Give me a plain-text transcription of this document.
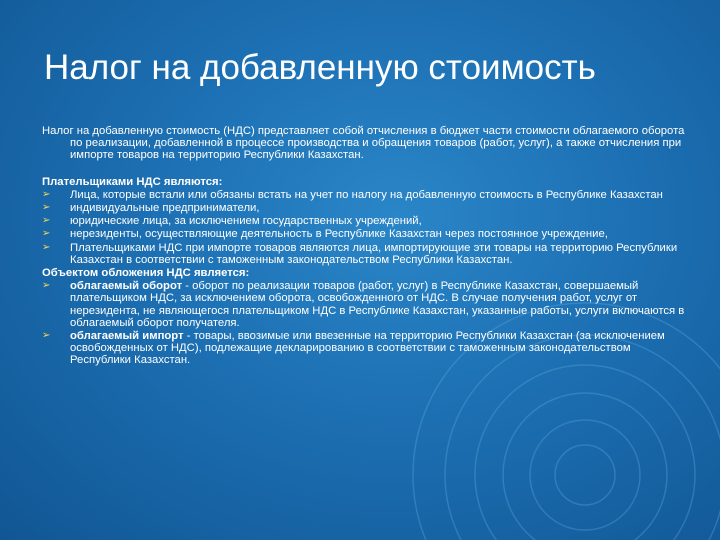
Налог на добавленную стоимость

Налог на добавленную стоимость (НДС) представляет собой отчисления в бюджет части стоимости облагаемого оборота по реализации, добавленной в процессе производства и обращения товаров (работ, услуг), а также отчисления при импорте товаров на территорию Республики Казахстан.

Плательщиками НДС являются:
➢	Лица, которые встали или обязаны встать на учет по налогу на добавленную стоимость в Республике Казахстан
➢	индивидуальные предприниматели,
➢	юридические лица, за исключением государственных учреждений,
➢	нерезиденты, осуществляющие деятельность в Республике Казахстан через постоянное учреждение,
➢	Плательщиками НДС при импорте товаров являются лица, импортирующие эти товары на территорию Республики Казахстан в соответствии с таможенным законодательством Республики Казахстан.
Объектом обложения НДС является:
➢	облагаемый оборот - оборот по реализации товаров (работ, услуг) в Республике Казахстан, совершаемый плательщиком НДС, за исключением оборота, освобожденного от НДС. В случае получения работ, услуг от нерезидента, не являющегося плательщиком НДС в Республике Казахстан, указанные работы, услуги включаются в облагаемый оборот получателя.
➢	облагаемый импорт - товары, ввозимые или ввезенные на территорию Республики Казахстан (за исключением освобожденных от НДС), подлежащие декларированию в соответствии с таможенным законодательством Республики Казахстан.
